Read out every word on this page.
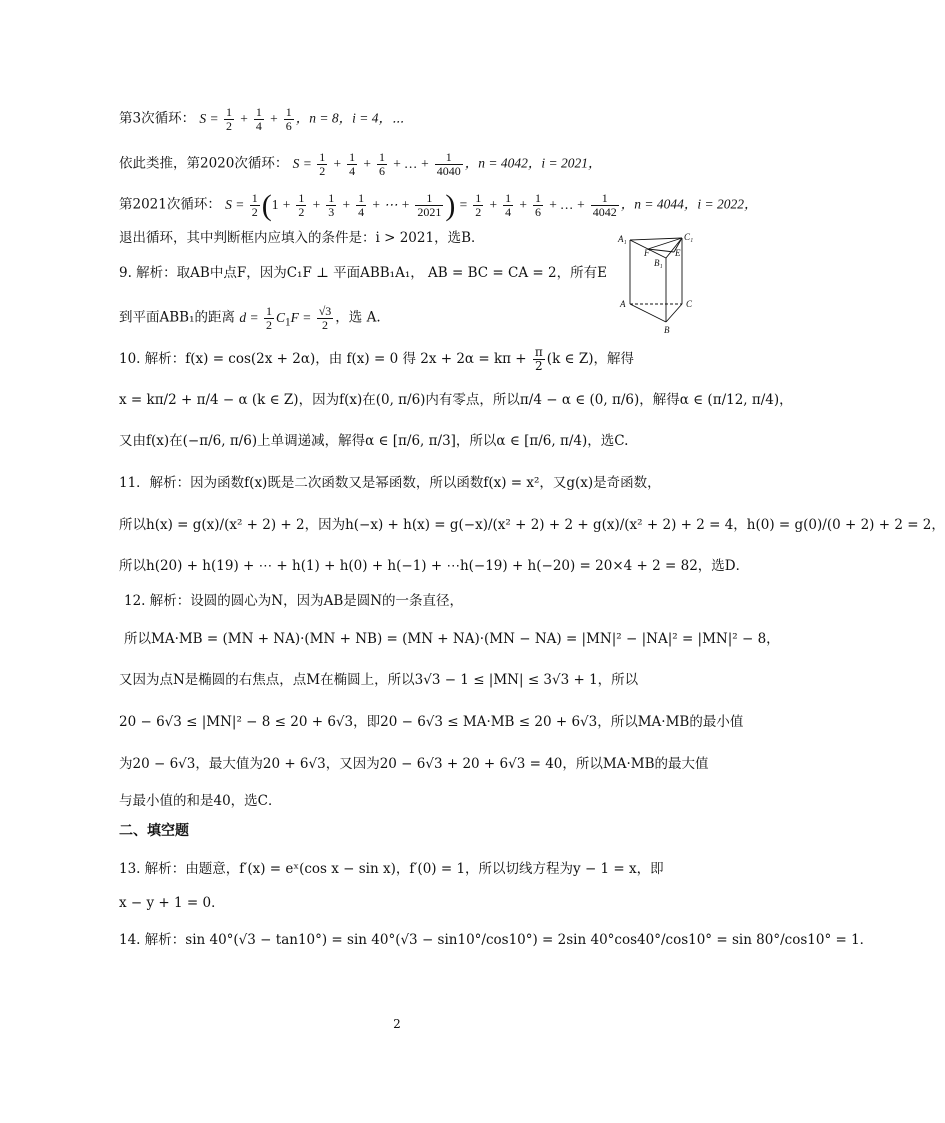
第3次循环： $S = \frac{1}{2} + \frac{1}{4} + \frac{1}{6}$ ，n = 8，i = 4，⋯
依此类推，第2020次循环： $S = \frac{1}{2} + \frac{1}{4} + \frac{1}{6}$ + … + $\frac{1}{4040}$ ，n = 4042，i = 2021，
第2021次循环： $S = \frac{1}{2} (1 + \frac{1}{2} + \frac{1}{3} + \frac{1}{4}$ + ⋯ + $\frac{1}{2021}$ ) = $\frac{1}{2} + \frac{1}{4} + \frac{1}{6}$ + … + $\frac{1}{4042}$ ，n = 4044，i = 2022，
退出循环，其中判断框内应填入的条件是：i > 2021，选B．	A₁	C₁
F
B₁
E
A	C
B
9. 解析：取AB中点F，因为C₁F ⊥ 平面ABB₁A₁， AB = BC = CA = 2，所有E
到平面ABB₁的距离 $d = \frac{1}{2} C_1F = \frac{√3}{2}$ ，选 A.
10. 解析：f(x) = cos(2x + 2α)，由 f(x) = 0 得 $2x + 2\alpha = k\pi + \frac{\pi}{2} (k$ ∈ Z)，解得
x = kπ/2 + π/4 − α (k ∈ Z)，因为f(x)在(0, π/6)内有零点，所以π/4 − α ∈ (0, π/6)，解得α ∈ (π/12, π/4)，
又由f(x)在(−π/6, π/6)上单调递减，解得α ∈ [π/6, π/3]，所以α ∈ [π/6, π/4)，选C.
11．解析：因为函数f(x)既是二次函数又是幂函数，所以函数f(x) = x²，又g(x)是奇函数，
所以h(x) = g(x)/(x² + 2) + 2，因为h(−x) + h(x) = g(−x)/(x² + 2) + 2 + g(x)/(x² + 2) + 2 = 4，h(0) = g(0)/(0 + 2) + 2 = 2，
所以h(20) + h(19) + ⋯ + h(1) + h(0) + h(−1) + ⋯h(−19) + h(−20) = 20×4 + 2 = 82，选D．
12. 解析：设圆的圆心为N，因为AB是圆N的一条直径，
所以MA·MB = (MN + NA)·(MN + NB) = (MN + NA)·(MN − NA) = |MN|² − |NA|² = |MN|² − 8，
又因为点N是椭圆的右焦点，点M在椭圆上，所以3√3 − 1 ≤ |MN| ≤ 3√3 + 1，所以
20 − 6√3 ≤ |MN|² − 8 ≤ 20 + 6√3，即20 − 6√3 ≤ MA·MB ≤ 20 + 6√3，所以MA·MB的最小值
为20 − 6√3，最大值为20 + 6√3，又因为20 − 6√3 + 20 + 6√3 = 40，所以MA·MB的最大值
与最小值的和是40，选C．
二、填空题
13. 解析：由题意，f′(x) = eˣ(cos x − sin x)，f′(0) = 1，所以切线方程为y − 1 = x，即
x − y + 1 = 0．
14. 解析：sin 40°(√3 − tan10°) = sin 40°(√3 − sin10°/cos10°) = 2sin 40°cos40°/cos10° = sin 80°/cos10° = 1．
2
